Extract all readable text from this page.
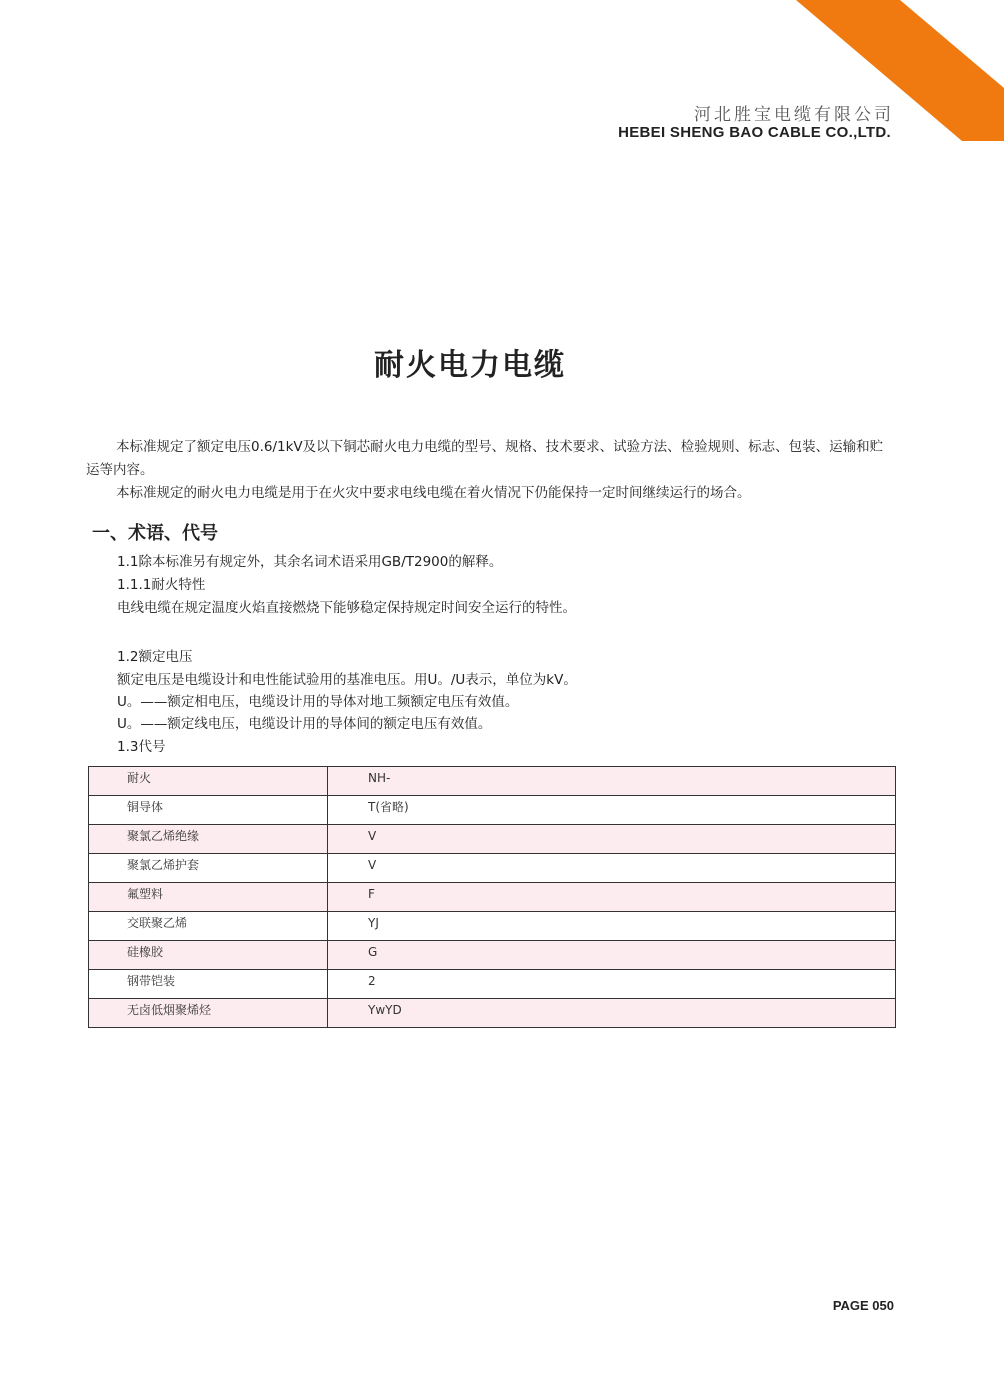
河北胜宝电缆有限公司
HEBEI SHENG BAO CABLE CO.,LTD.
耐火电力电缆

本标准规定了额定电压0.6/1kV及以下铜芯耐火电力电缆的型号、规格、技术要求、试验方法、检验规则、标志、包装、运输和贮运等内容。

本标准规定的耐火电力电缆是用于在火灾中要求电线电缆在着火情况下仍能保持一定时间继续运行的场合。

一、术语、代号
1.1除本标准另有规定外，其余名词术语采用GB/T2900的解释。
1.1.1耐火特性
电线电缆在规定温度火焰直接燃烧下能够稳定保持规定时间安全运行的特性。
1.2额定电压
额定电压是电缆设计和电性能试验用的基准电压。用U。/U表示，单位为kV。
U。——额定相电压，电缆设计用的导体对地工频额定电压有效值。
U。——额定线电压，电缆设计用的导体间的额定电压有效值。
1.3代号
耐火	NH-
铜导体	T(省略)
聚氯乙烯绝缘	V
聚氯乙烯护套	V
氟塑料	F
交联聚乙烯	YJ
硅橡胶	G
钢带铠装	2
无卤低烟聚烯烃	YwYD
PAGE 050
